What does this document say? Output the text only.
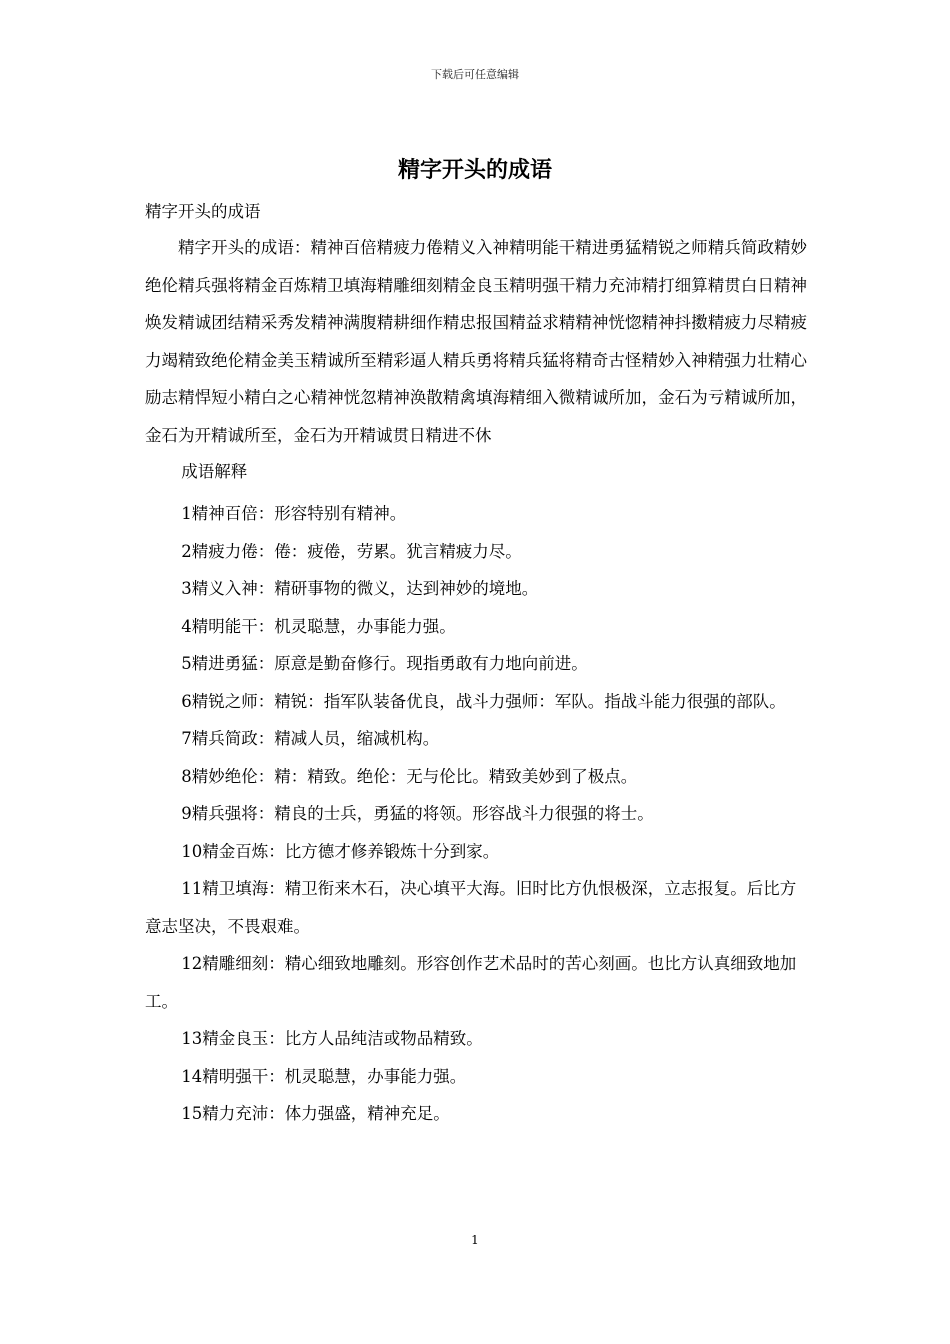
下载后可任意编辑
精字开头的成语

精字开头的成语

精字开头的成语：精神百倍精疲力倦精义入神精明能干精进勇猛精锐之师精兵简政精妙绝伦精兵强将精金百炼精卫填海精雕细刻精金良玉精明强干精力充沛精打细算精贯白日精神焕发精诚团结精采秀发精神满腹精耕细作精忠报国精益求精精神恍惚精神抖擞精疲力尽精疲力竭精致绝伦精金美玉精诚所至精彩逼人精兵勇将精兵猛将精奇古怪精妙入神精强力壮精心励志精悍短小精白之心精神恍忽精神涣散精禽填海精细入微精诚所加，金石为亏精诚所加，金石为开精诚所至，金石为开精诚贯日精进不休

成语解释

1精神百倍：形容特别有精神。

2精疲力倦：倦：疲倦，劳累。犹言精疲力尽。

3精义入神：精研事物的微义，达到神妙的境地。

4精明能干：机灵聪慧，办事能力强。

5精进勇猛：原意是勤奋修行。现指勇敢有力地向前进。

6精锐之师：精锐：指军队装备优良，战斗力强师：军队。指战斗能力很强的部队。

7精兵简政：精减人员，缩减机构。

8精妙绝伦：精：精致。绝伦：无与伦比。精致美妙到了极点。

9精兵强将：精良的士兵，勇猛的将领。形容战斗力很强的将士。

10精金百炼：比方德才修养锻炼十分到家。

11精卫填海：精卫衔来木石，决心填平大海。旧时比方仇恨极深，立志报复。后比方意志坚决，不畏艰难。

12精雕细刻：精心细致地雕刻。形容创作艺术品时的苦心刻画。也比方认真细致地加工。

13精金良玉：比方人品纯洁或物品精致。

14精明强干：机灵聪慧，办事能力强。

15精力充沛：体力强盛，精神充足。

1
